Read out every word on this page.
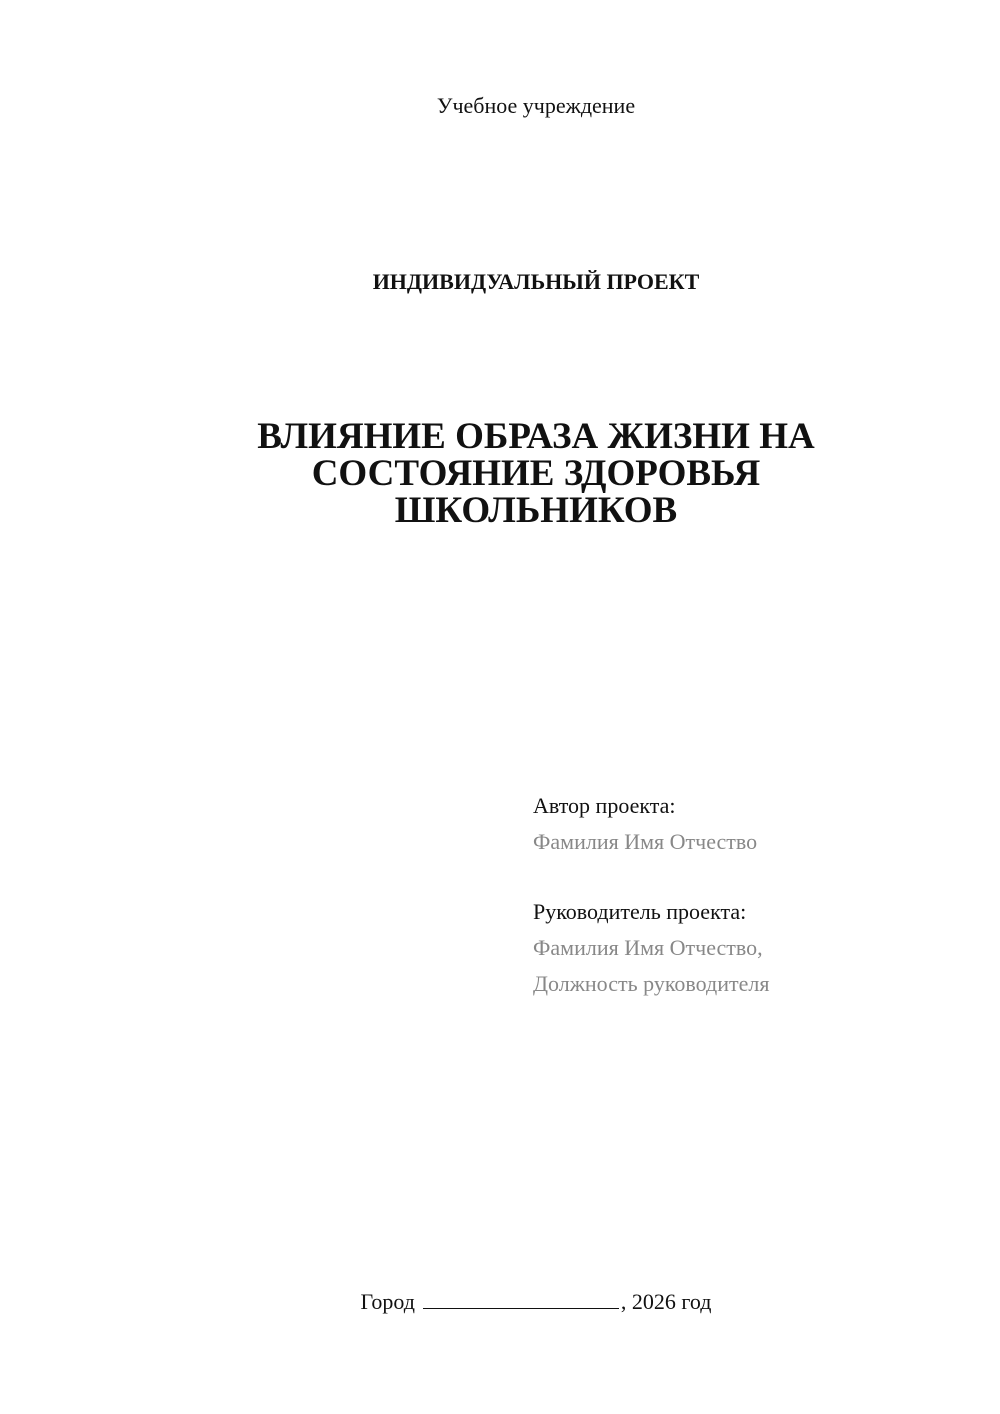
Учебное учреждение
ИНДИВИДУАЛЬНЫЙ ПРОЕКТ
ВЛИЯНИЕ ОБРАЗА ЖИЗНИ НА
СОСТОЯНИЕ ЗДОРОВЬЯ
ШКОЛЬНИКОВ
Автор проекта:
Фамилия Имя Отчество
Руководитель проекта:
Фамилия Имя Отчество,
Должность руководителя
Город	, 2026 год
